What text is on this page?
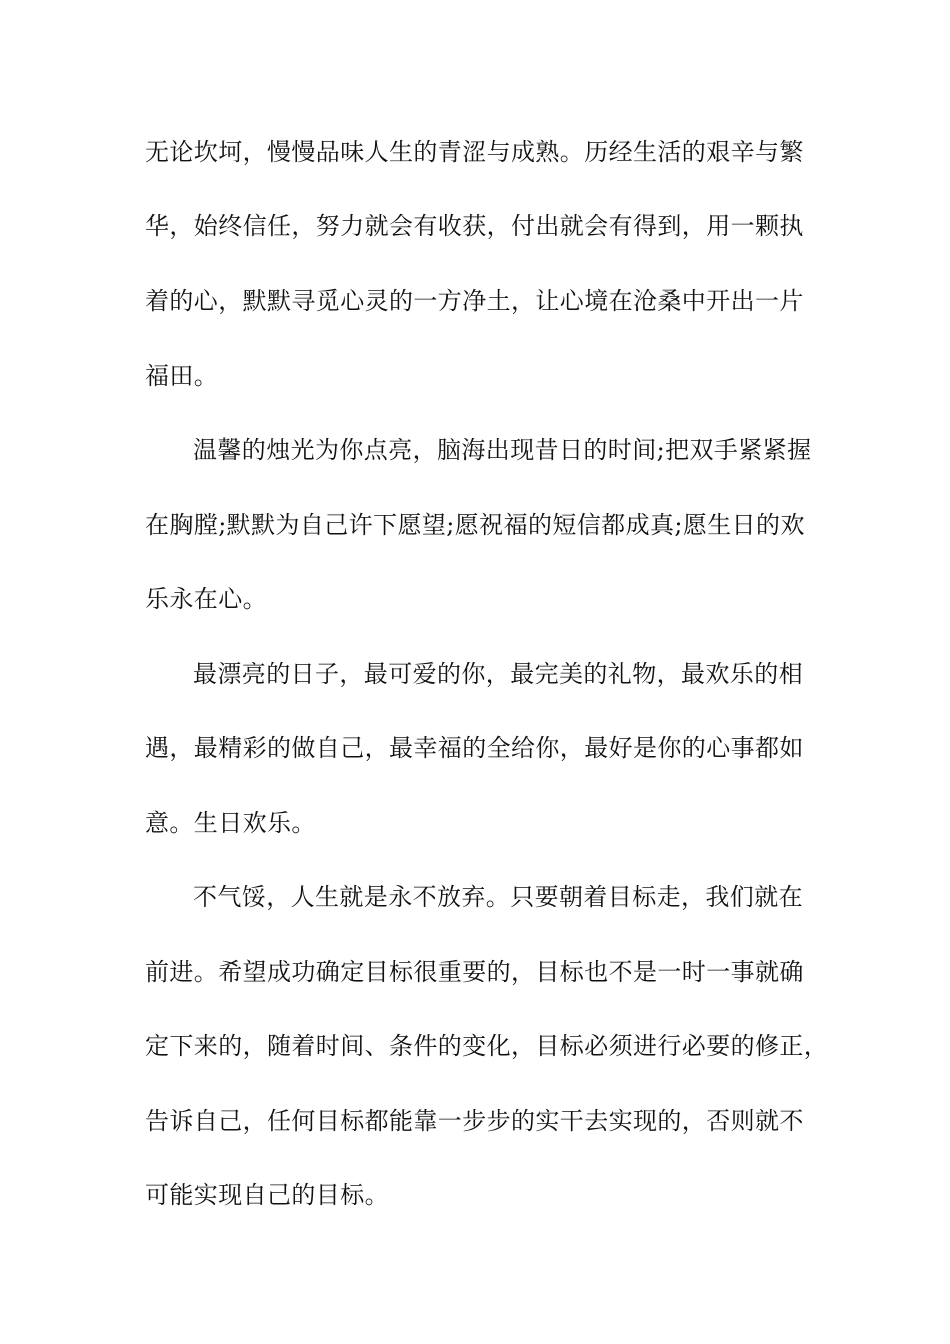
无论坎坷，慢慢品味人生的青涩与成熟。历经生活的艰辛与繁
华，始终信任，努力就会有收获，付出就会有得到，用一颗执
着的心，默默寻觅心灵的一方净土，让心境在沧桑中开出一片
福田。
温馨的烛光为你点亮，脑海出现昔日的时间;把双手紧紧握
在胸膛;默默为自己许下愿望;愿祝福的短信都成真;愿生日的欢
乐永在心。
最漂亮的日子，最可爱的你，最完美的礼物，最欢乐的相
遇，最精彩的做自己，最幸福的全给你，最好是你的心事都如
意。生日欢乐。
不气馁，人生就是永不放弃。只要朝着目标走，我们就在
前进。希望成功确定目标很重要的，目标也不是一时一事就确
定下来的，随着时间、条件的变化，目标必须进行必要的修正，
告诉自己，任何目标都能靠一步步的实干去实现的，否则就不
可能实现自己的目标。
